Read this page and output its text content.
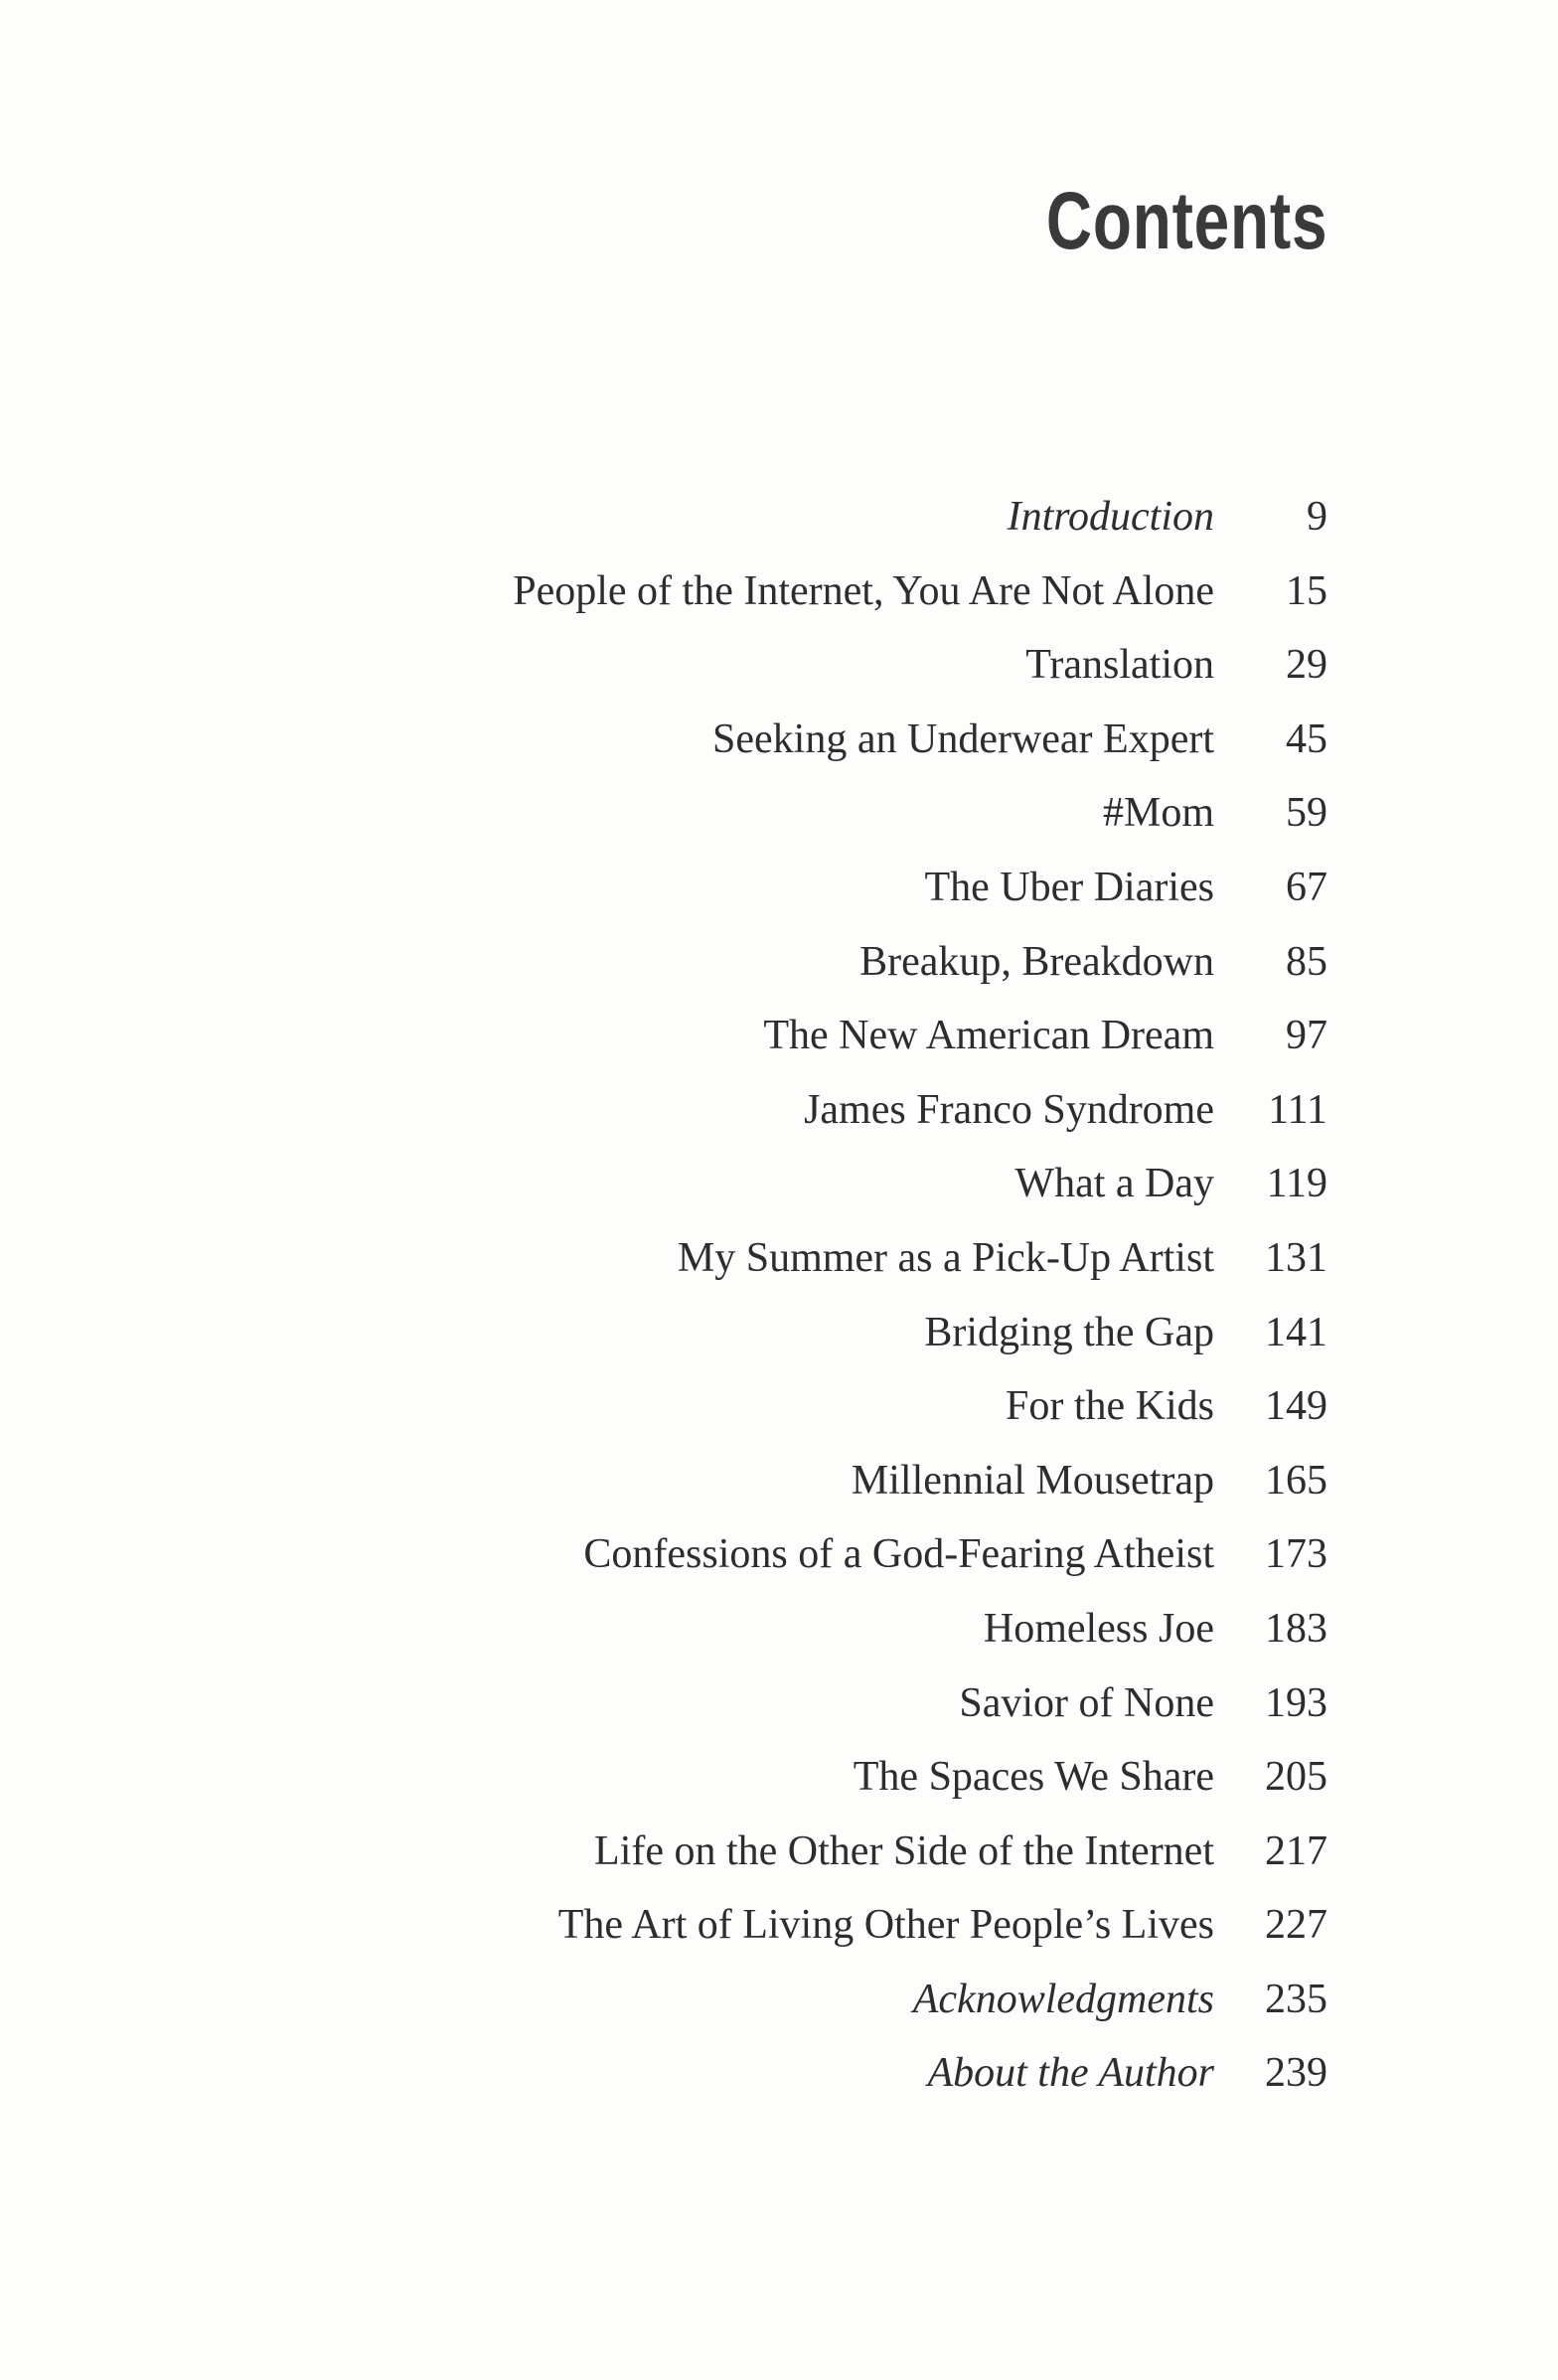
Contents
Introduction 9
People of the Internet, You Are Not Alone 15
Translation 29
Seeking an Underwear Expert 45
#Mom 59
The Uber Diaries 67
Breakup, Breakdown 85
The New American Dream 97
James Franco Syndrome 111
What a Day 119
My Summer as a Pick-Up Artist 131
Bridging the Gap 141
For the Kids 149
Millennial Mousetrap 165
Confessions of a God-Fearing Atheist 173
Homeless Joe 183
Savior of None 193
The Spaces We Share 205
Life on the Other Side of the Internet 217
The Art of Living Other People’s Lives 227
Acknowledgments 235
About the Author 239
